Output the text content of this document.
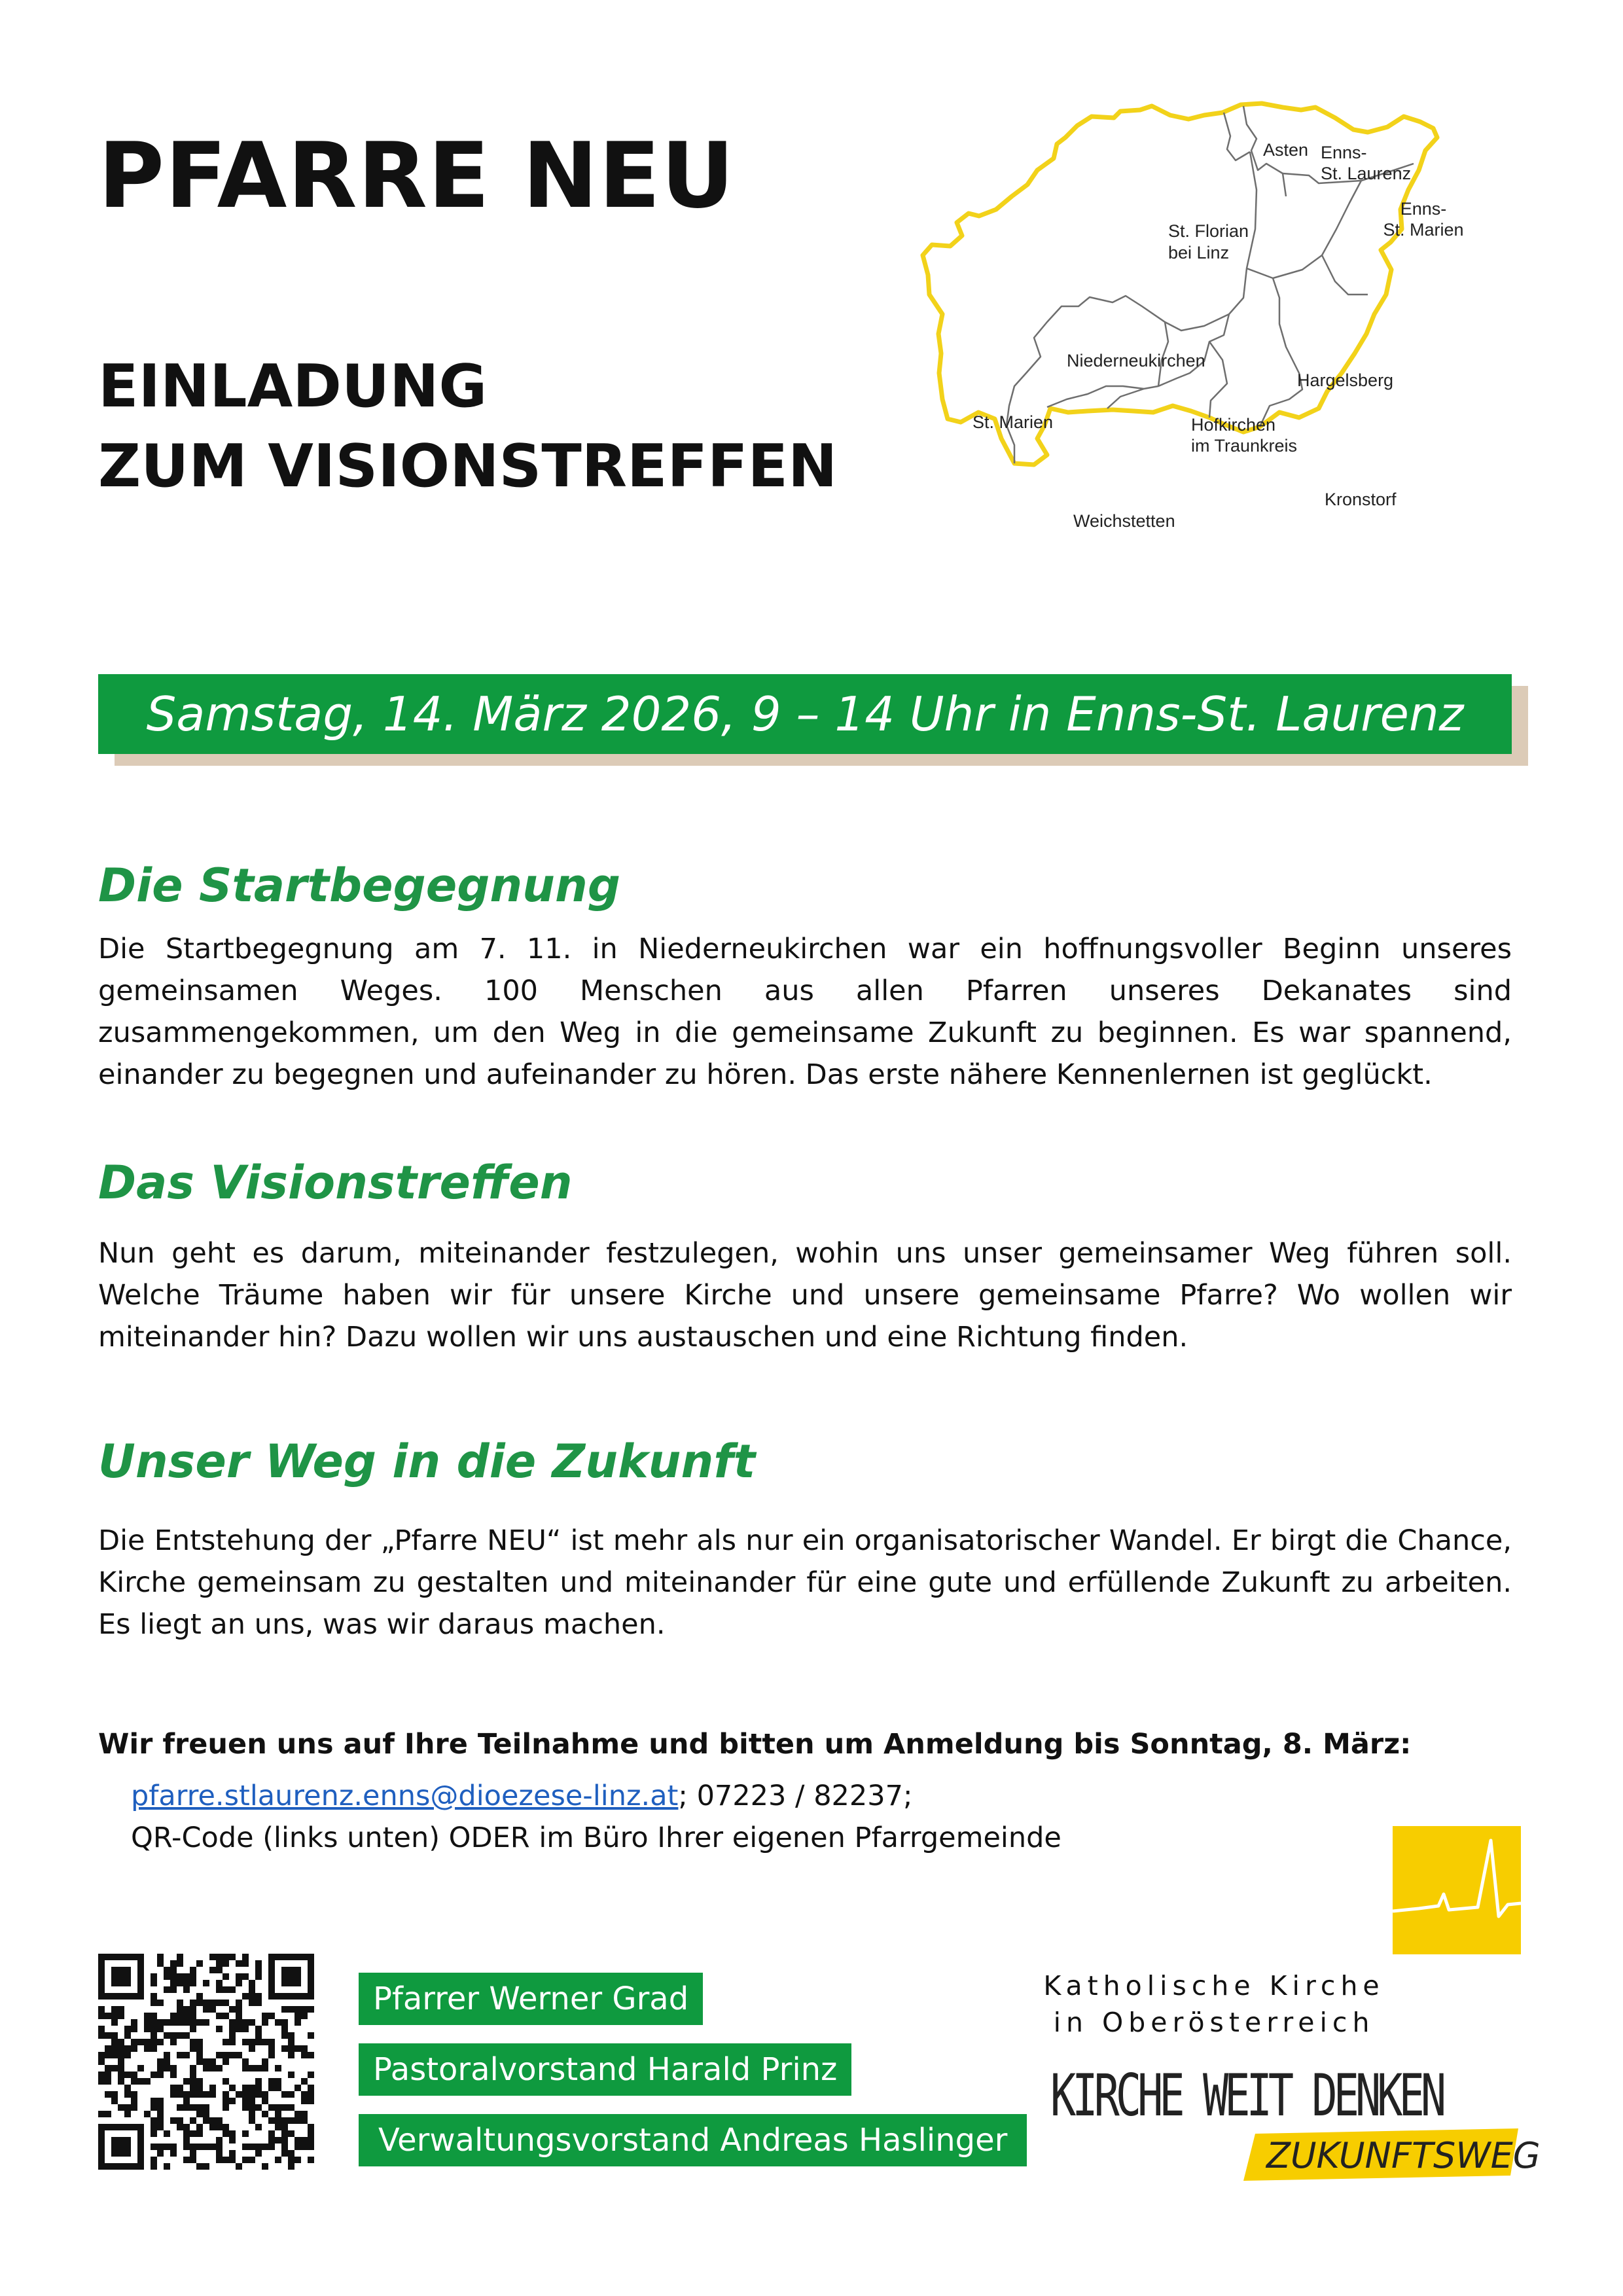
PFARRE NEU
EINLADUNG
ZUM VISIONSTREFFEN
Asten Enns-
St. Laurenz
Enns-
St. Marien
St. Florian
bei Linz
Niederneukirchen
Hargelsberg
St. Marien	Hofkirchen
im Traunkreis
Kronstorf
Weichstetten
Samstag, 14. März 2026, 9 – 14 Uhr in Enns-St. Laurenz
Die Startbegegnung

Die Startbegegnung am 7. 11. in Niederneukirchen war ein hoffnungsvoller Beginn unseres gemeinsamen Weges. 100 Menschen aus allen Pfarren unseres Dekanates sind zusammengekommen, um den Weg in die gemeinsame Zukunft zu beginnen. Es war spannend, einander zu begegnen und aufeinander zu hören. Das erste nähere Kennenlernen ist geglückt.

Das Visionstreffen

Nun geht es darum, miteinander festzulegen, wohin uns unser gemeinsamer Weg führen soll. Welche Träume haben wir für unsere Kirche und unsere gemeinsame Pfarre? Wo wollen wir miteinander hin? Dazu wollen wir uns austauschen und eine Richtung finden.

Unser Weg in die Zukunft

Die Entstehung der „Pfarre NEU“ ist mehr als nur ein organisatorischer Wandel. Er birgt die Chance, Kirche gemeinsam zu gestalten und miteinander für eine gute und erfüllende Zukunft zu arbeiten. Es liegt an uns, was wir daraus machen.

Wir freuen uns auf Ihre Teilnahme und bitten um Anmeldung bis Sonntag, 8. März:

pfarre.stlaurenz.enns@dioezese-linz.at; 07223 / 82237;
QR-Code (links unten) ODER im Büro Ihrer eigenen Pfarrgemeinde
Pfarrer Werner Grad
Pastoralvorstand Harald Prinz
Verwaltungsvorstand Andreas Haslinger
Katholische Kirche
in Oberösterreich
KIRCHE WEIT DENKEN
ZUKUNFTSWEG
